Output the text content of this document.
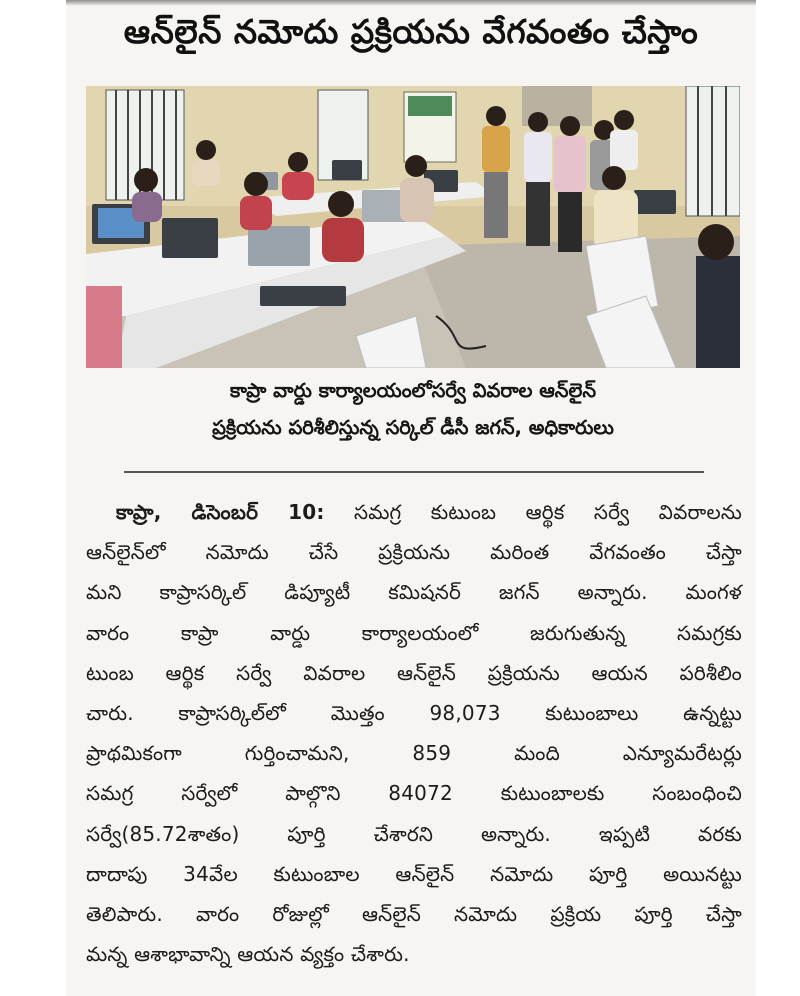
ఆన్‌లైన్ నమోదు ప్రక్రియను వేగవంతం చేస్తాం
కాప్రా వార్డు కార్యాలయంలోసర్వే వివరాల ఆన్‌లైన్
ప్రక్రియను పరిశీలిస్తున్న సర్కిల్ డీసీ జగన్, అధికారులు
కాప్రా, డిసెంబర్ 10: సమగ్ర కుటుంబ ఆర్థిక సర్వే వివరాలను
ఆన్‌లైన్‌లో నమోదు చేసే ప్రక్రియను మరింత వేగవంతం చేస్తా
మని కాప్రాసర్కిల్ డిప్యూటీ కమిషనర్ జగన్ అన్నారు. మంగళ
వారం కాప్రా వార్డు కార్యాలయంలో జరుగుతున్న సమగ్రకు
టుంబ ఆర్థిక సర్వే వివరాల ఆన్‌లైన్ ప్రక్రియను ఆయన పరిశీలిం
చారు. కాప్రాసర్కిల్‌లో మొత్తం 98,073 కుటుంబాలు ఉన్నట్టు
ప్రాథమికంగా గుర్తించామని, 859 మంది ఎన్యూమరేటర్లు
సమగ్ర సర్వేలో పాల్గొని 84072 కుటుంబాలకు సంబంధించి
సర్వే(85.72శాతం) పూర్తి చేశారని అన్నారు. ఇప్పటి వరకు
దాదాపు 34వేల కుటుంబాల ఆన్‌లైన్ నమోదు పూర్తి అయినట్టు
తెలిపారు. వారం రోజుల్లో ఆన్‌లైన్ నమోదు ప్రక్రియ పూర్తి చేస్తా
మన్న ఆశాభావాన్ని ఆయన వ్యక్తం చేశారు.
